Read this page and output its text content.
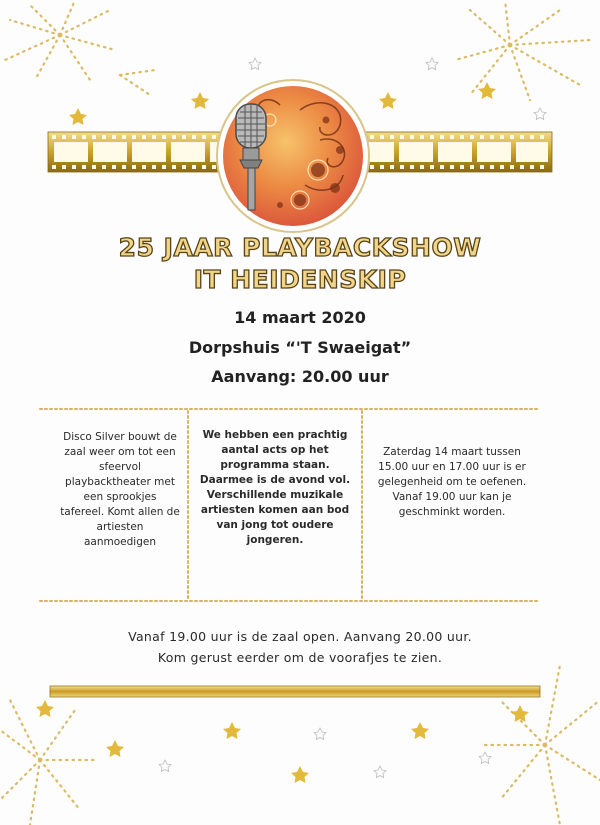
25 JAAR PLAYBACKSHOW
IT HEIDENSKIP
14 maart 2020
Dorpshuis “'T Swaeigat”
Aanvang: 20.00 uur
Disco Silver bouwt de zaal weer om tot een sfeervol playbacktheater met een sprookjes tafereel. Komt allen de artiesten aanmoedigen
We hebben een prachtig aantal acts op het programma staan. Daarmee is de avond vol. Verschillende muzikale artiesten komen aan bod van jong tot oudere jongeren.
Zaterdag 14 maart tussen 15.00 uur en 17.00 uur is er gelegenheid om te oefenen. Vanaf 19.00 uur kan je geschminkt worden.
Vanaf 19.00 uur is de zaal open. Aanvang 20.00 uur.
Kom gerust eerder om de voorafjes te zien.
